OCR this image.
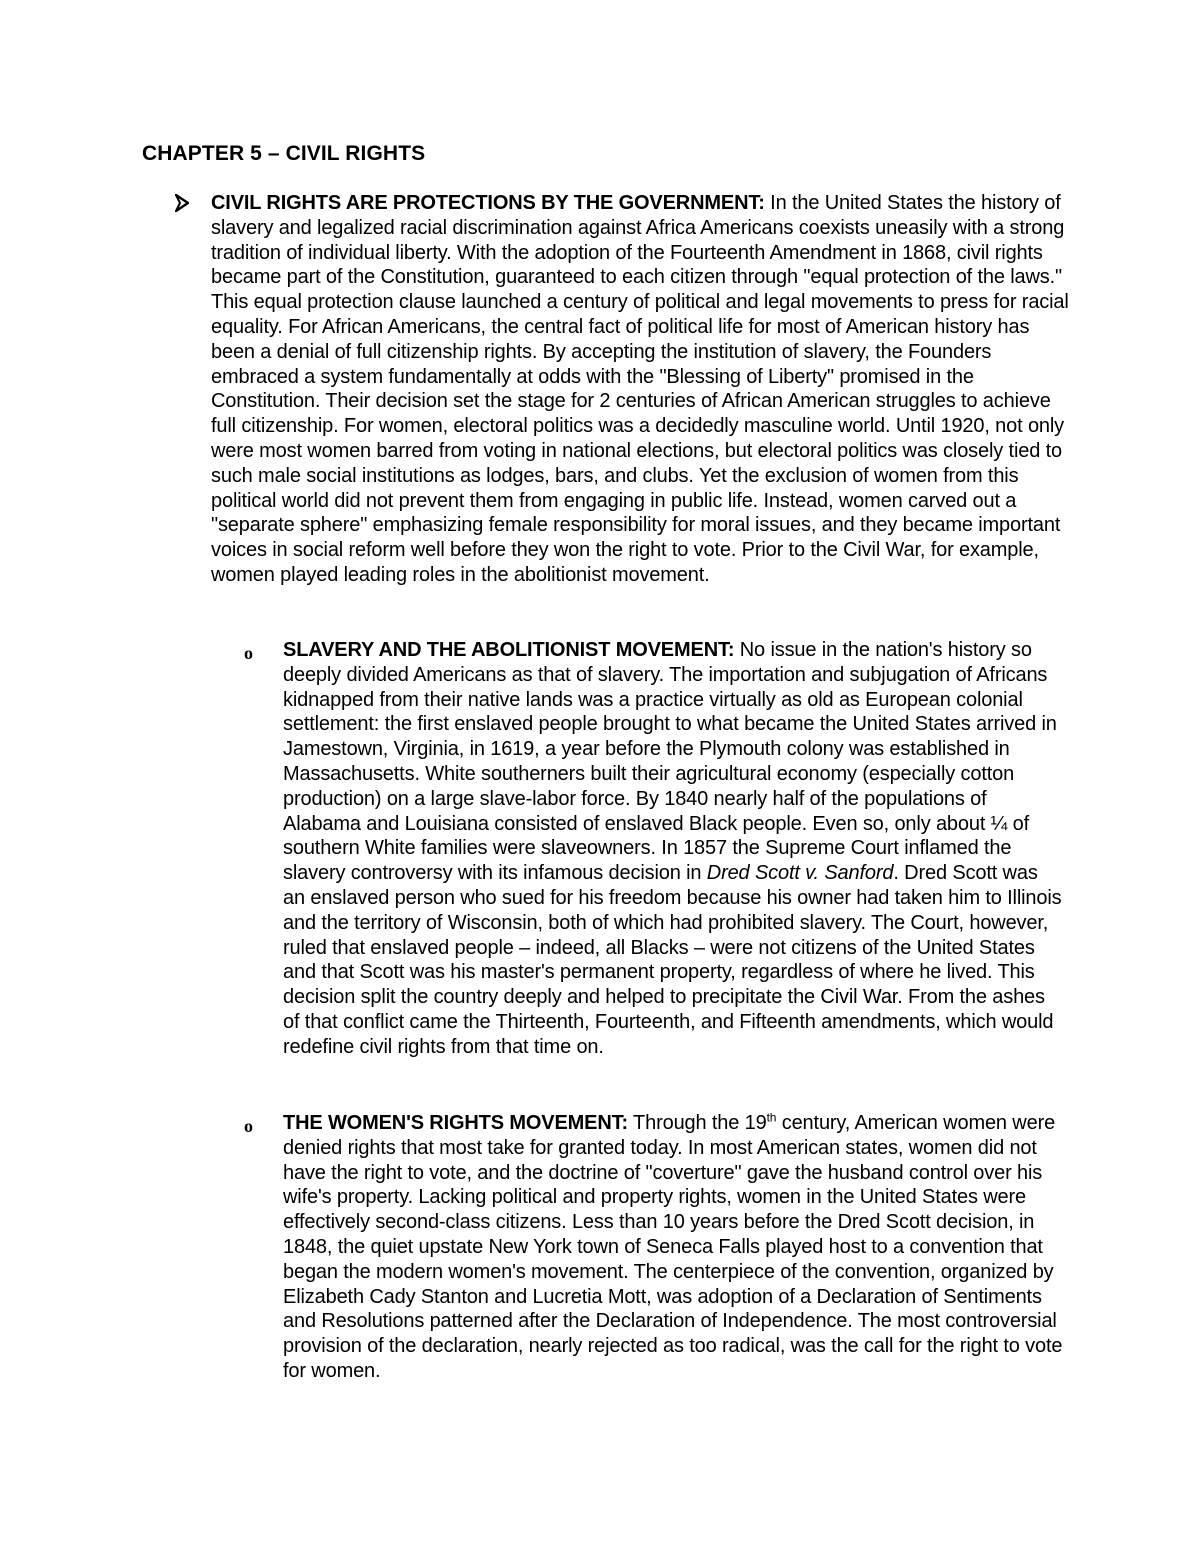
CHAPTER 5 – CIVIL RIGHTS

CIVIL RIGHTS ARE PROTECTIONS BY THE GOVERNMENT: In the United States the history of slavery and legalized racial discrimination against Africa Americans coexists uneasily with a strong tradition of individual liberty. With the adoption of the Fourteenth Amendment in 1868, civil rights became part of the Constitution, guaranteed to each citizen through "equal protection of the laws." This equal protection clause launched a century of political and legal movements to press for racial equality. For African Americans, the central fact of political life for most of American history has been a denial of full citizenship rights. By accepting the institution of slavery, the Founders embraced a system fundamentally at odds with the "Blessing of Liberty" promised in the Constitution. Their decision set the stage for 2 centuries of African American struggles to achieve full citizenship. For women, electoral politics was a decidedly masculine world. Until 1920, not only were most women barred from voting in national elections, but electoral politics was closely tied to such male social institutions as lodges, bars, and clubs. Yet the exclusion of women from this political world did not prevent them from engaging in public life. Instead, women carved out a "separate sphere" emphasizing female responsibility for moral issues, and they became important voices in social reform well before they won the right to vote. Prior to the Civil War, for example, women played leading roles in the abolitionist movement.

o SLAVERY AND THE ABOLITIONIST MOVEMENT: No issue in the nation's history so deeply divided Americans as that of slavery. The importation and subjugation of Africans kidnapped from their native lands was a practice virtually as old as European colonial settlement: the first enslaved people brought to what became the United States arrived in Jamestown, Virginia, in 1619, a year before the Plymouth colony was established in Massachusetts. White southerners built their agricultural economy (especially cotton production) on a large slave-labor force. By 1840 nearly half of the populations of Alabama and Louisiana consisted of enslaved Black people. Even so, only about ¼ of southern White families were slaveowners. In 1857 the Supreme Court inflamed the slavery controversy with its infamous decision in Dred Scott v. Sanford. Dred Scott was an enslaved person who sued for his freedom because his owner had taken him to Illinois and the territory of Wisconsin, both of which had prohibited slavery. The Court, however, ruled that enslaved people – indeed, all Blacks – were not citizens of the United States and that Scott was his master's permanent property, regardless of where he lived. This decision split the country deeply and helped to precipitate the Civil War. From the ashes of that conflict came the Thirteenth, Fourteenth, and Fifteenth amendments, which would redefine civil rights from that time on.

o THE WOMEN'S RIGHTS MOVEMENT: Through the 19th century, American women were denied rights that most take for granted today. In most American states, women did not have the right to vote, and the doctrine of "coverture" gave the husband control over his wife's property. Lacking political and property rights, women in the United States were effectively second-class citizens. Less than 10 years before the Dred Scott decision, in 1848, the quiet upstate New York town of Seneca Falls played host to a convention that began the modern women's movement. The centerpiece of the convention, organized by Elizabeth Cady Stanton and Lucretia Mott, was adoption of a Declaration of Sentiments and Resolutions patterned after the Declaration of Independence. The most controversial provision of the declaration, nearly rejected as too radical, was the call for the right to vote for women.
